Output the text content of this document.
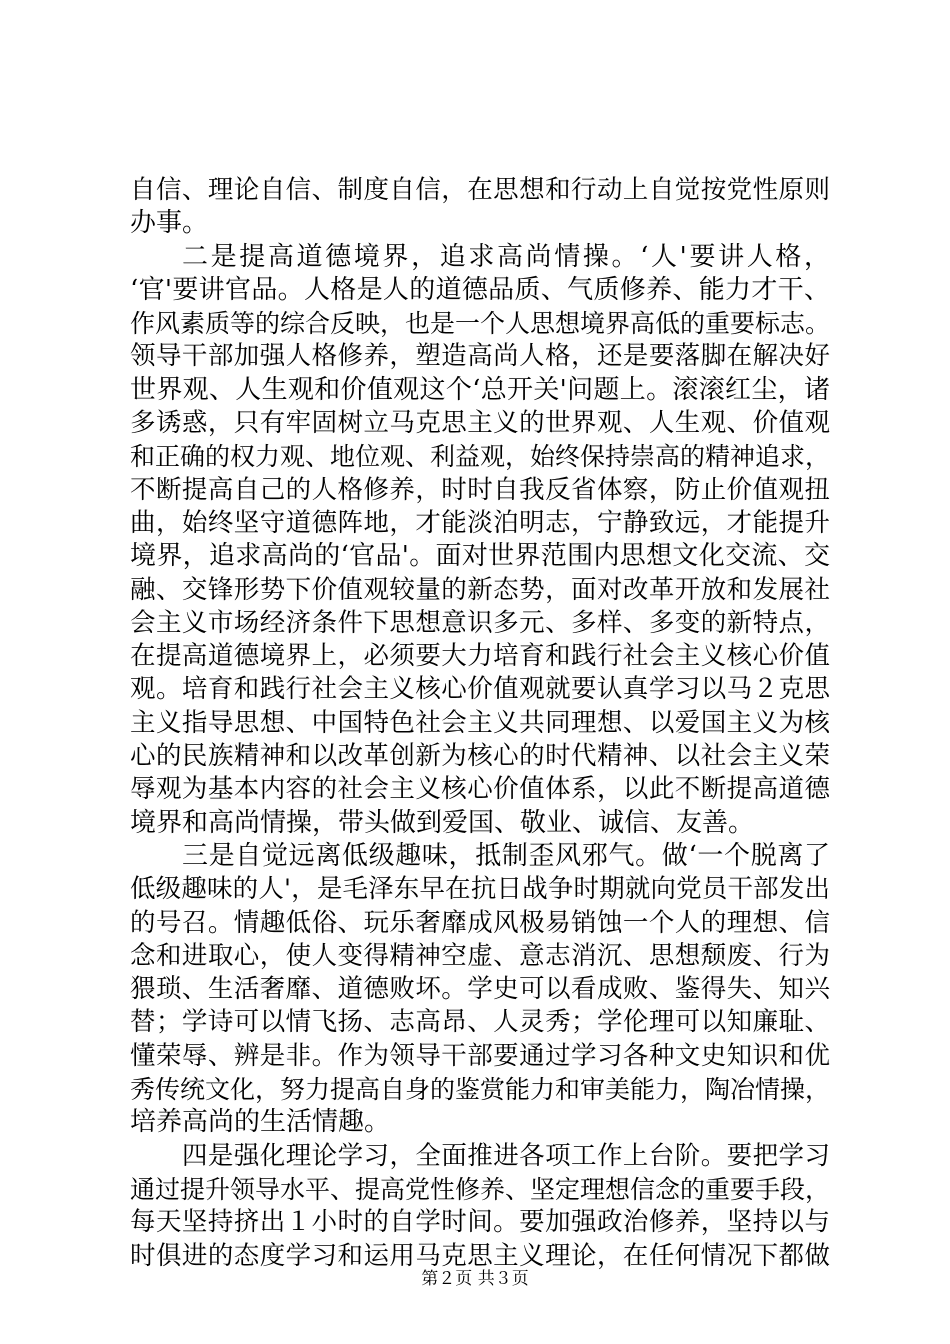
自信、理论自信、制度自信，在思想和行动上自觉按党性原则
办事。
二是提高道德境界，追求高尚情操。‘人'要讲人格，
‘官'要讲官品。人格是人的道德品质、气质修养、能力才干、
作风素质等的综合反映，也是一个人思想境界高低的重要标志。
领导干部加强人格修养，塑造高尚人格，还是要落脚在解决好
世界观、人生观和价值观这个‘总开关'问题上。滚滚红尘，诸
多诱惑，只有牢固树立马克思主义的世界观、人生观、价值观
和正确的权力观、地位观、利益观，始终保持崇高的精神追求，
不断提高自己的人格修养，时时自我反省体察，防止价值观扭
曲，始终坚守道德阵地，才能淡泊明志，宁静致远，才能提升
境界，追求高尚的‘官品'。面对世界范围内思想文化交流、交
融、交锋形势下价值观较量的新态势，面对改革开放和发展社
会主义市场经济条件下思想意识多元、多样、多变的新特点，
在提高道德境界上，必须要大力培育和践行社会主义核心价值
观。培育和践行社会主义核心价值观就要认真学习以马２克思
主义指导思想、中国特色社会主义共同理想、以爱国主义为核
心的民族精神和以改革创新为核心的时代精神、以社会主义荣
辱观为基本内容的社会主义核心价值体系，以此不断提高道德
境界和高尚情操，带头做到爱国、敬业、诚信、友善。
三是自觉远离低级趣味，抵制歪风邪气。做‘一个脱离了
低级趣味的人'，是毛泽东早在抗日战争时期就向党员干部发出
的号召。情趣低俗、玩乐奢靡成风极易销蚀一个人的理想、信
念和进取心，使人变得精神空虚、意志消沉、思想颓废、行为
猥琐、生活奢靡、道德败坏。学史可以看成败、鉴得失、知兴
替；学诗可以情飞扬、志高昂、人灵秀；学伦理可以知廉耻、
懂荣辱、辨是非。作为领导干部要通过学习各种文史知识和优
秀传统文化，努力提高自身的鉴赏能力和审美能力，陶冶情操，
培养高尚的生活情趣。
四是强化理论学习，全面推进各项工作上台阶。要把学习
通过提升领导水平、提高党性修养、坚定理想信念的重要手段，
每天坚持挤出１小时的自学时间。要加强政治修养，坚持以与
时俱进的态度学习和运用马克思主义理论，在任何情况下都做
第２页 共３页
